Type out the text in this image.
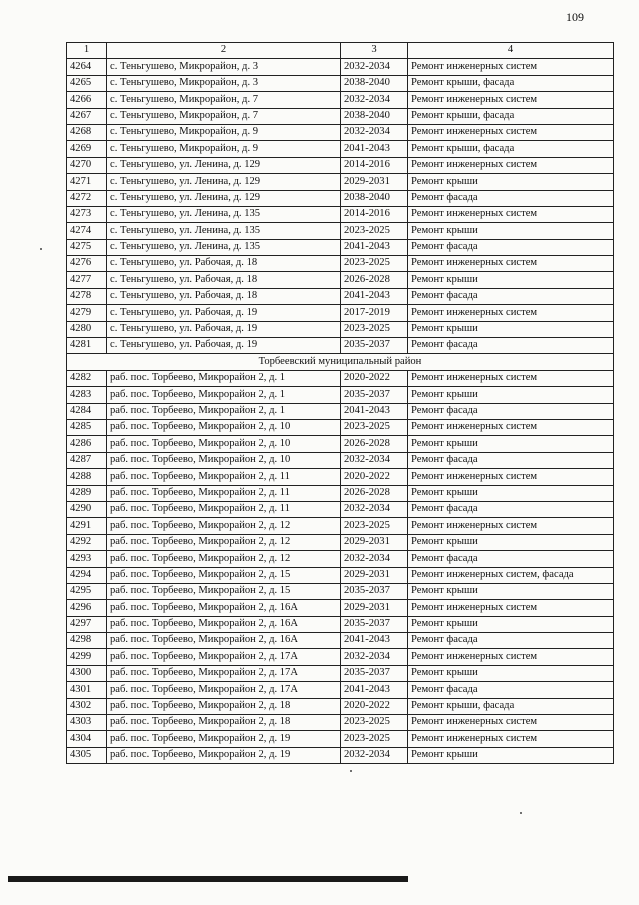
109
1	2	3	4
4264	с. Теньгушево, Микрорайон, д. 3	2032-2034	Ремонт инженерных систем
4265	с. Теньгушево, Микрорайон, д. 3	2038-2040	Ремонт крыши, фасада
4266	с. Теньгушево, Микрорайон, д. 7	2032-2034	Ремонт инженерных систем
4267	с. Теньгушево, Микрорайон, д. 7	2038-2040	Ремонт крыши, фасада
4268	с. Теньгушево, Микрорайон, д. 9	2032-2034	Ремонт инженерных систем
4269	с. Теньгушево, Микрорайон, д. 9	2041-2043	Ремонт крыши, фасада
4270	с. Теньгушево, ул. Ленина, д. 129	2014-2016	Ремонт инженерных систем
4271	с. Теньгушево, ул. Ленина, д. 129	2029-2031	Ремонт крыши
4272	с. Теньгушево, ул. Ленина, д. 129	2038-2040	Ремонт фасада
4273	с. Теньгушево, ул. Ленина, д. 135	2014-2016	Ремонт инженерных систем
4274	с. Теньгушево, ул. Ленина, д. 135	2023-2025	Ремонт крыши
4275	с. Теньгушево, ул. Ленина, д. 135	2041-2043	Ремонт фасада
4276	с. Теньгушево, ул. Рабочая, д. 18	2023-2025	Ремонт инженерных систем
4277	с. Теньгушево, ул. Рабочая, д. 18	2026-2028	Ремонт крыши
4278	с. Теньгушево, ул. Рабочая, д. 18	2041-2043	Ремонт фасада
4279	с. Теньгушево, ул. Рабочая, д. 19	2017-2019	Ремонт инженерных систем
4280	с. Теньгушево, ул. Рабочая, д. 19	2023-2025	Ремонт крыши
4281	с. Теньгушево, ул. Рабочая, д. 19	2035-2037	Ремонт фасада
Торбеевский муниципальный район			
4282	раб. пос. Торбеево, Микрорайон 2, д. 1	2020-2022	Ремонт инженерных систем
4283	раб. пос. Торбеево, Микрорайон 2, д. 1	2035-2037	Ремонт крыши
4284	раб. пос. Торбеево, Микрорайон 2, д. 1	2041-2043	Ремонт фасада
4285	раб. пос. Торбеево, Микрорайон 2, д. 10	2023-2025	Ремонт инженерных систем
4286	раб. пос. Торбеево, Микрорайон 2, д. 10	2026-2028	Ремонт крыши
4287	раб. пос. Торбеево, Микрорайон 2, д. 10	2032-2034	Ремонт фасада
4288	раб. пос. Торбеево, Микрорайон 2, д. 11	2020-2022	Ремонт инженерных систем
4289	раб. пос. Торбеево, Микрорайон 2, д. 11	2026-2028	Ремонт крыши
4290	раб. пос. Торбеево, Микрорайон 2, д. 11	2032-2034	Ремонт фасада
4291	раб. пос. Торбеево, Микрорайон 2, д. 12	2023-2025	Ремонт инженерных систем
4292	раб. пос. Торбеево, Микрорайон 2, д. 12	2029-2031	Ремонт крыши
4293	раб. пос. Торбеево, Микрорайон 2, д. 12	2032-2034	Ремонт фасада
4294	раб. пос. Торбеево, Микрорайон 2, д. 15	2029-2031	Ремонт инженерных систем, фасада
4295	раб. пос. Торбеево, Микрорайон 2, д. 15	2035-2037	Ремонт крыши
4296	раб. пос. Торбеево, Микрорайон 2, д. 16А	2029-2031	Ремонт инженерных систем
4297	раб. пос. Торбеево, Микрорайон 2, д. 16А	2035-2037	Ремонт крыши
4298	раб. пос. Торбеево, Микрорайон 2, д. 16А	2041-2043	Ремонт фасада
4299	раб. пос. Торбеево, Микрорайон 2, д. 17А	2032-2034	Ремонт инженерных систем
4300	раб. пос. Торбеево, Микрорайон 2, д. 17А	2035-2037	Ремонт крыши
4301	раб. пос. Торбеево, Микрорайон 2, д. 17А	2041-2043	Ремонт фасада
4302	раб. пос. Торбеево, Микрорайон 2, д. 18	2020-2022	Ремонт крыши, фасада
4303	раб. пос. Торбеево, Микрорайон 2, д. 18	2023-2025	Ремонт инженерных систем
4304	раб. пос. Торбеево, Микрорайон 2, д. 19	2023-2025	Ремонт инженерных систем
4305	раб. пос. Торбеево, Микрорайон 2, д. 19	2032-2034	Ремонт крыши
